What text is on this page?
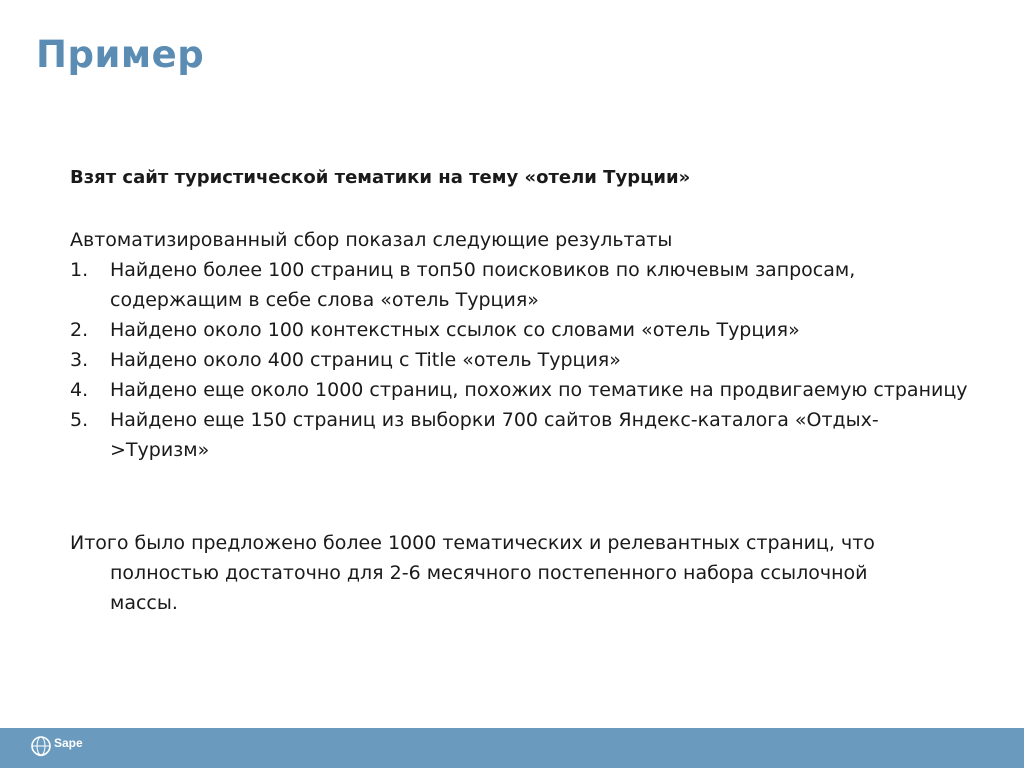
Пример

Взят сайт туристической тематики на тему «отели Турции»

Автоматизированный сбор показал следующие результаты

1.	Найдено более 100 страниц в топ50 поисковиков по ключевым запросам, содержащим в себе слова «отель Турция»
2.	Найдено около 100 контекстных ссылок со словами «отель Турция»
3.	Найдено около 400 страниц с Title «отель Турция»
4.	Найдено еще около 1000 страниц, похожих по тематике на продвигаемую страницу
5.	Найдено еще 150 страниц из выборки 700 сайтов Яндекс-каталога «Отдых->Туризм»

Итого было предложено более 1000 тематических и релевантных страниц, что полностью достаточно для 2-6 месячного постепенного набора ссылочной массы.

Sape
